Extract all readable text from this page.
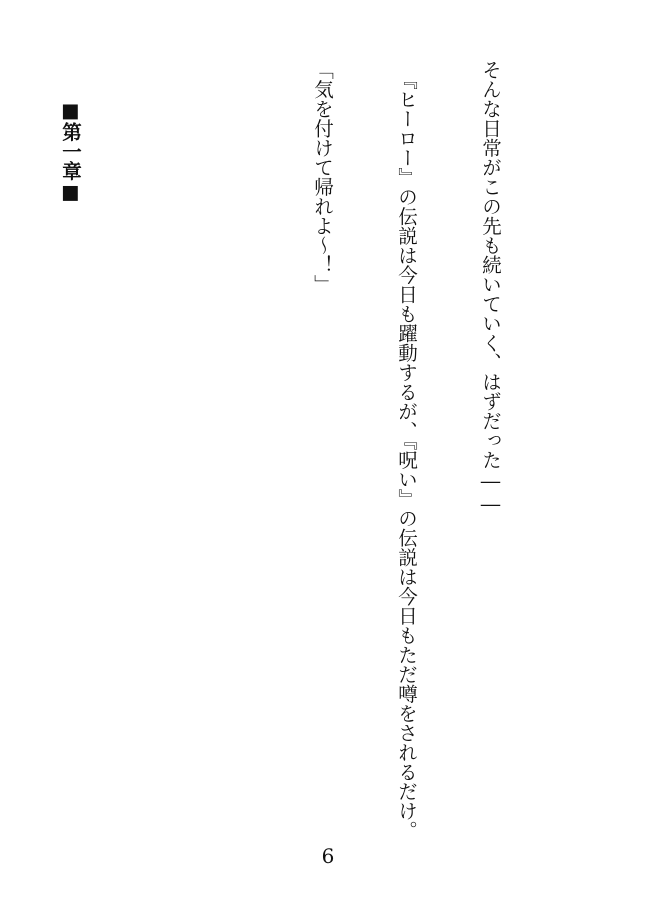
そんな日常がこの先も続いていく、はずだった――

　『ヒーロー』の伝説は今日も躍動するが、『呪い』の伝説は今日もただ噂をされるだけ。

「気を付けて帰れよ～！」

　　■第一章■

6
